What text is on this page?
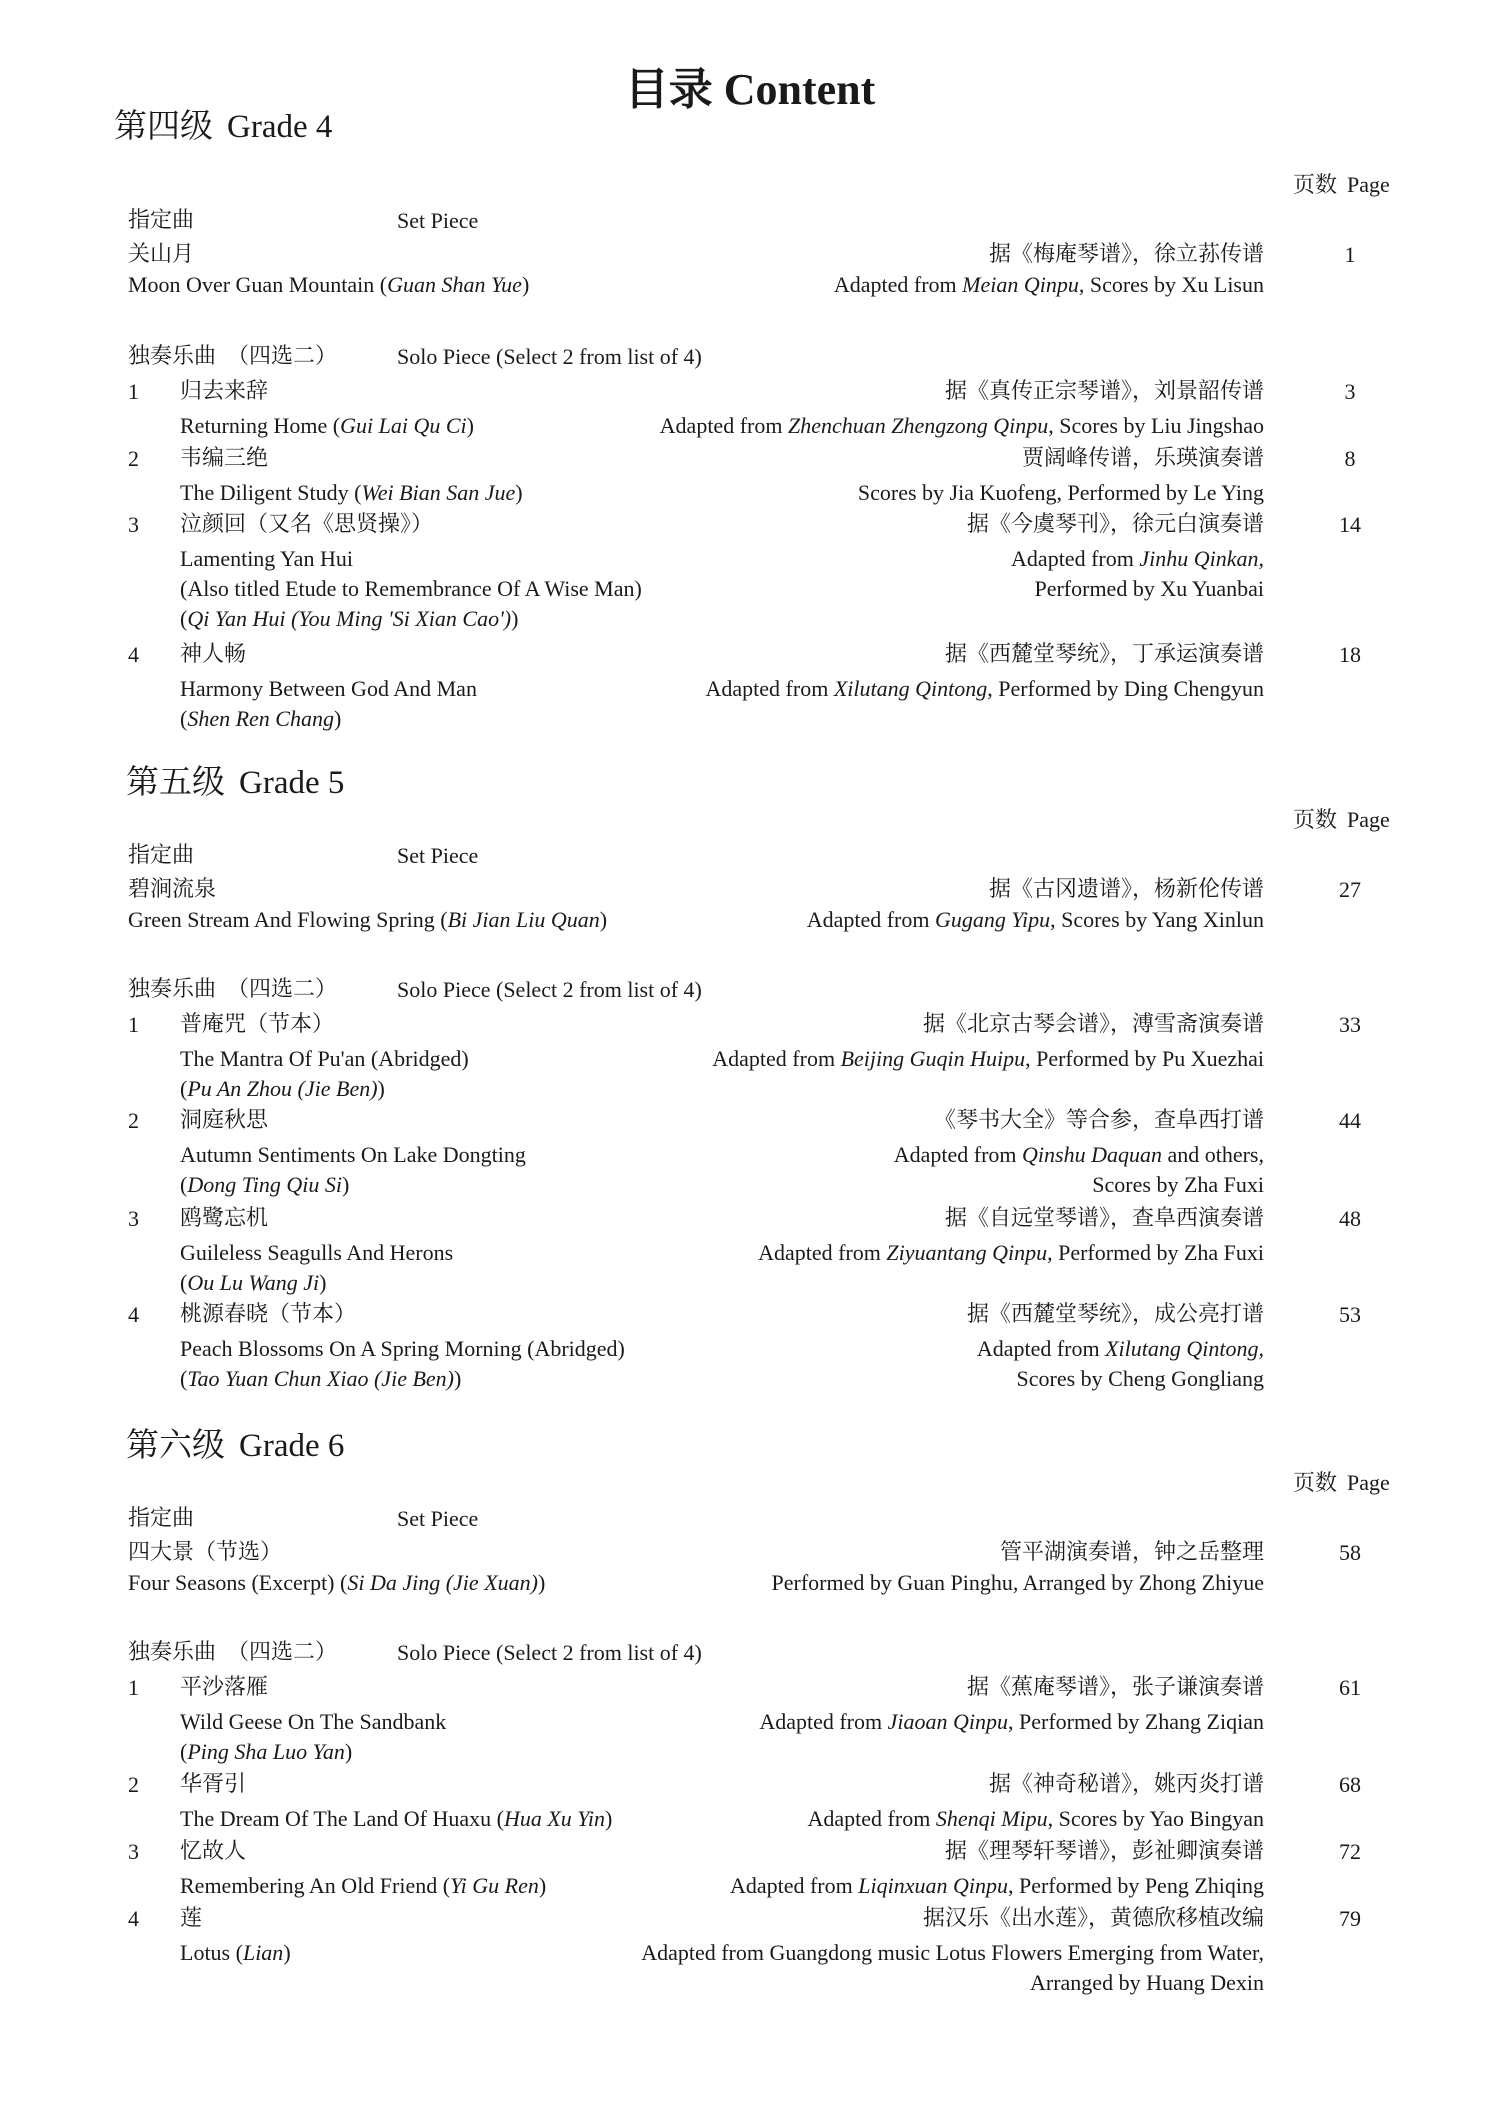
目录 Content
第四级 Grade 4
页数 Page
指定曲	Set Piece
关山月	据《梅庵琴谱》，徐立荪传谱	1
Moon Over Guan Mountain (Guan Shan Yue)	Adapted from Meian Qinpu, Scores by Xu Lisun
独奏乐曲　（四选二）	Solo Piece (Select 2 from list of 4)
1 归去来辞	据《真传正宗琴谱》，刘景韶传谱	3
Returning Home (Gui Lai Qu Ci)	Adapted from Zhenchuan Zhengzong Qinpu, Scores by Liu Jingshao
2 韦编三绝	贾阔峰传谱，乐瑛演奏谱	8
The Diligent Study (Wei Bian San Jue)	Scores by Jia Kuofeng, Performed by Le Ying
3 泣颜回（又名《思贤操》）	据《今虞琴刊》，徐元白演奏谱	14
Lamenting Yan Hui	Adapted from Jinhu Qinkan,
(Also titled Etude to Remembrance Of A Wise Man)	Performed by Xu Yuanbai
(Qi Yan Hui (You Ming 'Si Xian Cao'))
4 神人畅	据《西麓堂琴统》，丁承运演奏谱	18
Harmony Between God And Man	Adapted from Xilutang Qintong, Performed by Ding Chengyun
(Shen Ren Chang)
第五级 Grade 5
页数 Page
指定曲	Set Piece
碧涧流泉	据《古冈遗谱》，杨新伦传谱	27
Green Stream And Flowing Spring (Bi Jian Liu Quan)	Adapted from Gugang Yipu, Scores by Yang Xinlun
独奏乐曲　（四选二）	Solo Piece (Select 2 from list of 4)
1 普庵咒（节本）	据《北京古琴会谱》，溥雪斋演奏谱	33
The Mantra Of Pu'an (Abridged)	Adapted from Beijing Guqin Huipu, Performed by Pu Xuezhai
(Pu An Zhou (Jie Ben))
2 洞庭秋思	《琴书大全》等合参，查阜西打谱	44
Autumn Sentiments On Lake Dongting	Adapted from Qinshu Daquan and others,
Scores by Zha Fuxi
(Dong Ting Qiu Si)
3 鸥鹭忘机	据《自远堂琴谱》，查阜西演奏谱	48
Guileless Seagulls And Herons	Adapted from Ziyuantang Qinpu, Performed by Zha Fuxi
(Ou Lu Wang Ji)
4 桃源春晓（节本）	据《西麓堂琴统》，成公亮打谱	53
Peach Blossoms On A Spring Morning (Abridged)	Adapted from Xilutang Qintong,
Scores by Cheng Gongliang
(Tao Yuan Chun Xiao (Jie Ben))
第六级 Grade 6
页数 Page
指定曲	Set Piece
四大景（节选）	管平湖演奏谱，钟之岳整理	58
Four Seasons (Excerpt) (Si Da Jing (Jie Xuan))	Performed by Guan Pinghu, Arranged by Zhong Zhiyue
独奏乐曲　（四选二）	Solo Piece (Select 2 from list of 4)
1 平沙落雁	据《蕉庵琴谱》，张子谦演奏谱	61
Wild Geese On The Sandbank	Adapted from Jiaoan Qinpu, Performed by Zhang Ziqian
(Ping Sha Luo Yan)
2 华胥引	据《神奇秘谱》，姚丙炎打谱	68
The Dream Of The Land Of Huaxu (Hua Xu Yin)	Adapted from Shenqi Mipu, Scores by Yao Bingyan
3 忆故人	据《理琴轩琴谱》，彭祉卿演奏谱	72
Remembering An Old Friend (Yi Gu Ren)	Adapted from Liqinxuan Qinpu, Performed by Peng Zhiqing
4 莲	据汉乐《出水莲》，黄德欣移植改编	79
Lotus (Lian)	Adapted from Guangdong music Lotus Flowers Emerging from Water,
Arranged by Huang Dexin
